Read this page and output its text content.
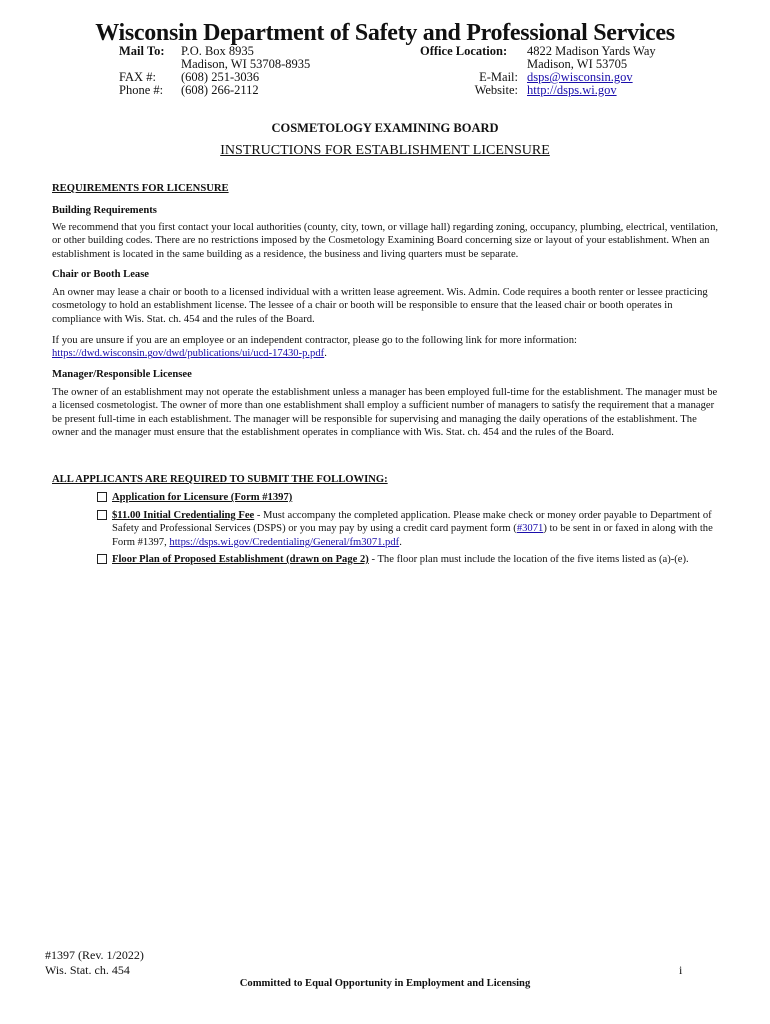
Wisconsin Department of Safety and Professional Services
Mail To: P.O. Box 8935
Madison, WI 53708-8935
FAX #: (608) 251-3036
Phone #: (608) 266-2112
Office Location: 4822 Madison Yards Way
Madison, WI 53705
E-Mail: dsps@wisconsin.gov
Website: http://dsps.wi.gov
COSMETOLOGY EXAMINING BOARD
INSTRUCTIONS FOR ESTABLISHMENT LICENSURE
REQUIREMENTS FOR LICENSURE
Building Requirements
We recommend that you first contact your local authorities (county, city, town, or village hall) regarding zoning, occupancy, plumbing, electrical, ventilation, or other building codes. There are no restrictions imposed by the Cosmetology Examining Board concerning size or layout of your establishment. When an establishment is located in the same building as a residence, the business and living quarters must be separate.
Chair or Booth Lease
An owner may lease a chair or booth to a licensed individual with a written lease agreement. Wis. Admin. Code requires a booth renter or lessee practicing cosmetology to hold an establishment license. The lessee of a chair or booth will be responsible to ensure that the leased chair or booth operates in compliance with Wis. Stat. ch. 454 and the rules of the Board.
If you are unsure if you are an employee or an independent contractor, please go to the following link for more information:
https://dwd.wisconsin.gov/dwd/publications/ui/ucd-17430-p.pdf.
Manager/Responsible Licensee
The owner of an establishment may not operate the establishment unless a manager has been employed full-time for the establishment. The manager must be a licensed cosmetologist. The owner of more than one establishment shall employ a sufficient number of managers to satisfy the requirement that a manager be present full-time in each establishment. The manager will be responsible for supervising and managing the daily operations of the establishment. The owner and the manager must ensure that the establishment operates in compliance with Wis. Stat. ch. 454 and the rules of the Board.
ALL APPLICANTS ARE REQUIRED TO SUBMIT THE FOLLOWING:
Application for Licensure (Form #1397)
$11.00 Initial Credentialing Fee - Must accompany the completed application. Please make check or money order payable to Department of Safety and Professional Services (DSPS) or you may pay by using a credit card payment form (#3071) to be sent in or faxed in along with the Form #1397, https://dsps.wi.gov/Credentialing/General/fm3071.pdf.
Floor Plan of Proposed Establishment (drawn on Page 2) - The floor plan must include the location of the five items listed as (a)-(e).
#1397 (Rev. 1/2022)
Wis. Stat. ch. 454	i
Committed to Equal Opportunity in Employment and Licensing
